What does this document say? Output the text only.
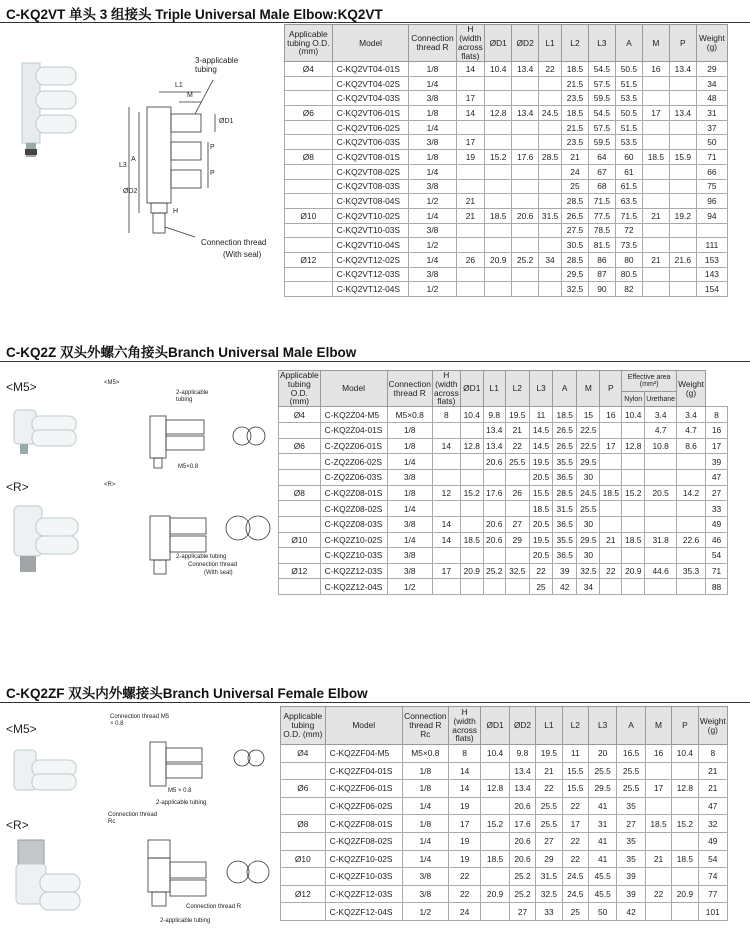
C-KQ2VT 单头 3 组接头 Triple Universal Male Elbow:KQ2VT
3-applicable tubing
Connection thread
(With seal)
L1
M
A
L3
P
P
ØD1
ØD2
H
Applicable tubing O.D. (mm)	Model	Connection thread R	H (width across flats)	ØD1	ØD2	L1	L2	L3	A	M	P	Weight (g)
Ø4	C-KQ2VT04-01S	1/8	14	10.4	13.4	22	18.5	54.5	50.5	16	13.4	29
	C-KQ2VT04-02S	1/4					21.5	57.5	51.5			34
	C-KQ2VT04-03S	3/8	17				23.5	59.5	53.5			48
Ø6	C-KQ2VT06-01S	1/8	14	12.8	13.4	24.5	18.5	54.5	50.5	17	13.4	31
	C-KQ2VT06-02S	1/4					21.5	57.5	51.5			37
	C-KQ2VT06-03S	3/8	17				23.5	59.5	53.5			50
Ø8	C-KQ2VT08-01S	1/8	19	15.2	17.6	28.5	21	64	60	18.5	15.9	71
	C-KQ2VT08-02S	1/4					24	67	61			66
	C-KQ2VT08-03S	3/8					25	68	61.5			75
	C-KQ2VT08-04S	1/2	21				28.5	71.5	63.5			96
Ø10	C-KQ2VT10-02S	1/4	21	18.5	20.6	31.5	26.5	77.5	71.5	21	19.2	94
	C-KQ2VT10-03S	3/8					27.5	78.5	72			
	C-KQ2VT10-04S	1/2					30.5	81.5	73.5			111
Ø12	C-KQ2VT12-02S	1/4	26	20.9	25.2	34	28.5	86	80	21	21.6	153
	C-KQ2VT12-03S	3/8					29.5	87	80.5			143
	C-KQ2VT12-04S	1/2					32.5	90	82			154
C-KQ2Z 双头外螺六角接头Branch Universal Male Elbow
<M5>
<R>
<M5>
<R>
2-applicable tubing
M5×0.8
2-applicable tubing
Connection thread
(With seal)
Applicable tubing O.D. (mm)	Model	Connection thread R	H (width across flats)	ØD1	L1	L2	L3	A	M	P	Effective area (mm²)		Weight (g)	
											Nylon	Urethane		
Ø4	C-KQ2Z04-M5	M5×0.8	8	10.4	9.8	19.5	11	18.5	15	16	10.4	3.4	3.4	8
	C-KQ2Z04-01S	1/8			13.4	21	14.5	26.5	22.5			4.7	4.7	16
Ø6	C-ZQ2Z06-01S	1/8	14	12.8	13.4	22	14.5	26.5	22.5	17	12.8	10.8	8.6	17
	C-ZQ2Z06-02S	1/4			20.6	25.5	19.5	35.5	29.5					39
	C-ZQ2Z06-03S	3/8					20.5	36.5	30					47
Ø8	C-KQ2Z08-01S	1/8	12	15.2	17.6	26	15.5	28.5	24.5	18.5	15.2	20.5	14.2	27
	C-KQ2Z08-02S	1/4					18.5	31.5	25.5					33
	C-KQ2Z08-03S	3/8	14		20.6	27	20.5	36.5	30					49
Ø10	C-KQ2Z10-02S	1/4	14	18.5	20.6	29	19.5	35.5	29.5	21	18.5	31.8	22.6	46
	C-KQ2Z10-03S	3/8					20.5	36.5	30					54
Ø12	C-KQ2Z12-03S	3/8	17	20.9	25.2	32.5	22	39	32.5	22	20.9	44.6	35.3	71
	C-KQ2Z12-04S	1/2					25	42	34					88
C-KQ2ZF 双头内外螺接头Branch Universal Female Elbow
<M5>
<R>
Connection thread M5 × 0.8
M5 × 0.8
2-applicable tubing
Connection thread Rc
Connection thread R
2-applicable tubing
Applicable tubing O.D. (mm)	Model	Connection thread R Rc	H (width across flats)	ØD1	ØD2	L1	L2	L3	A	M	P	Weight (g)
Ø4	C-KQ2ZF04-M5	M5×0.8	8	10.4	9.8	19.5	11	20	16.5	16	10.4	8
	C-KQ2ZF04-01S	1/8	14		13.4	21	15.5	25.5	25.5			21
Ø6	C-KQ2ZF06-01S	1/8	14	12.8	13.4	22	15.5	29.5	25.5	17	12.8	21
	C-KQ2ZF06-02S	1/4	19		20.6	25.5	22	41	35			47
Ø8	C-KQ2ZF08-01S	1/8	17	15.2	17.6	25.5	17	31	27	18.5	15.2	32
	C-KQ2ZF08-02S	1/4	19		20.6	27	22	41	35			49
Ø10	C-KQ2ZF10-02S	1/4	19	18.5	20.6	29	22	41	35	21	18.5	54
	C-KQ2ZF10-03S	3/8	22		25.2	31.5	24.5	45.5	39			74
Ø12	C-KQ2ZF12-03S	3/8	22	20.9	25.2	32.5	24.5	45.5	39	22	20.9	77
	C-KQ2ZF12-04S	1/2	24		27	33	25	50	42			101
